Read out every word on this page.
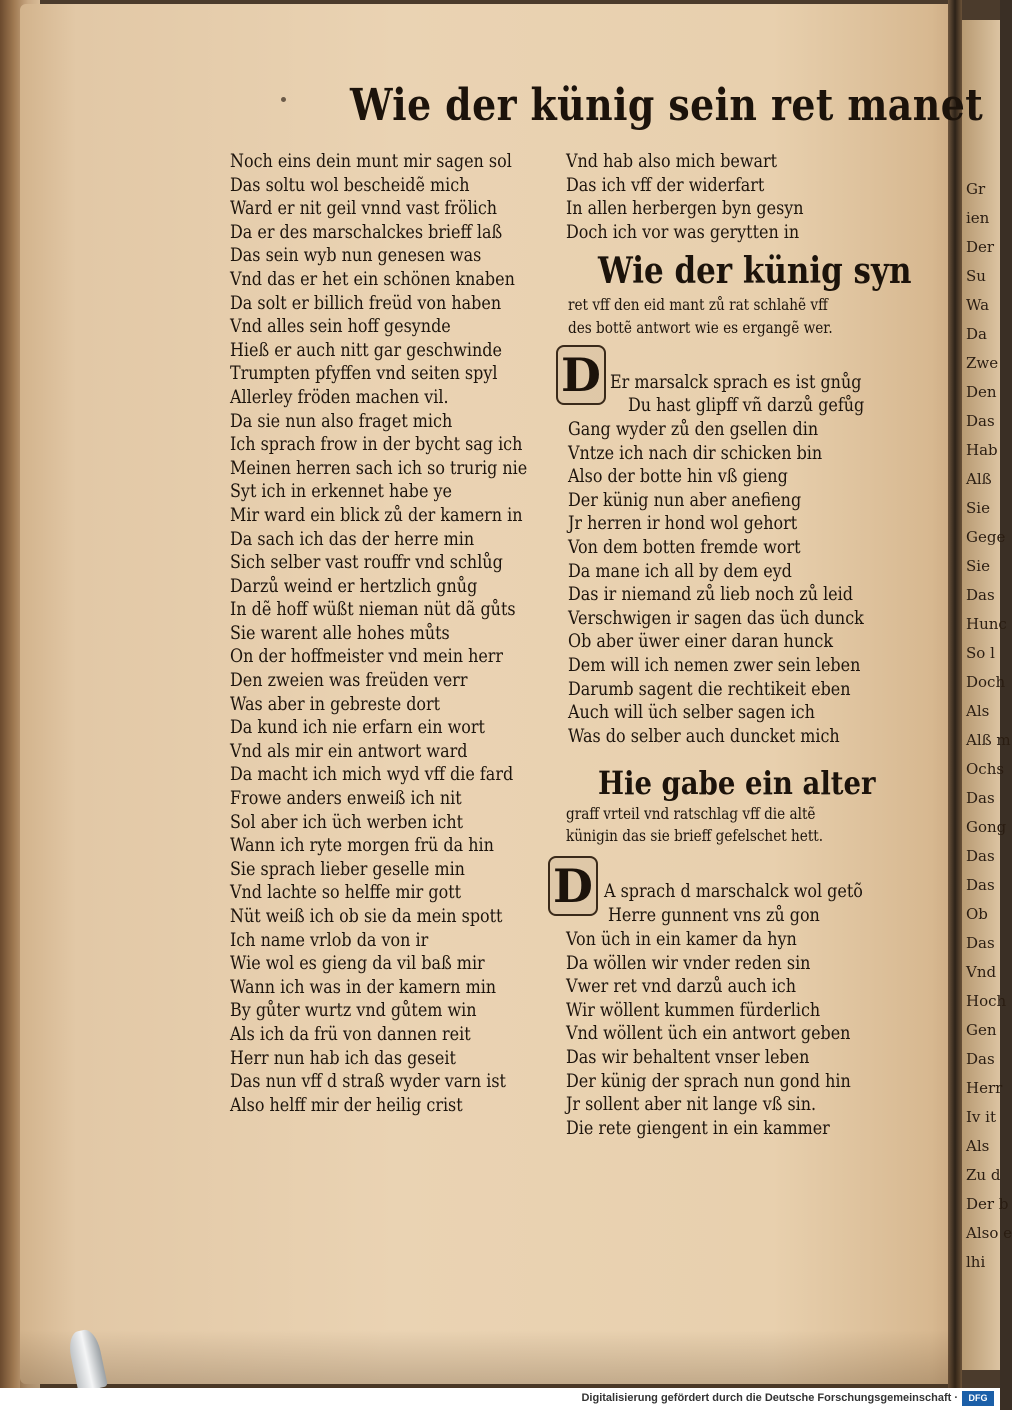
Gr
ien
Der
Su
Wa
Da
Zwe
Den
Das
Hab
Alß
Sie
Gege
Sie
Das
Hunc
So l
Doch
Als
Alß m
Ochs
Das
Gong
Das
Das
Ob
Das
Vnd
Hoch
Gen
Das
Herr
Iv it
Als
Zu d
Der b
Also e
lhi
Wie der künig sein ret manet
Noch eins dein munt mir sagen sol
Das soltu wol bescheidẽ mich
Ward er nit geil vnnd vast frölich
Da er des marschalckes brieff laß
Das sein wyb nun genesen was
Vnd das er het ein schönen knaben
Da solt er billich freüd von haben
Vnd alles sein hoff gesynde
Hieß er auch nitt gar geschwinde
Trumpten pfyffen vnd seiten spyl
Allerley fröden machen vil.
Da sie nun also fraget mich
Ich sprach frow in der bycht sag ich
Meinen herren sach ich so trurig nie
Syt ich in erkennet habe ye
Mir ward ein blick zů der kamern in
Da sach ich das der herre min
Sich selber vast rouffr vnd schlůg
Darzů weind er hertzlich gnůg
In dẽ hoff wüßt nieman nüt dã gůts
Sie warent alle hohes můts
On der hoffmeister vnd mein herr
Den zweien was freüden verr
Was aber in gebreste dort
Da kund ich nie erfarn ein wort
Vnd als mir ein antwort ward
Da macht ich mich wyd vff die fard
Frowe anders enweiß ich nit
Sol aber ich üch werben icht
Wann ich ryte morgen frü da hin
Sie sprach lieber geselle min
Vnd lachte so helffe mir gott
Nüt weiß ich ob sie da mein spott
Ich name vrlob da von ir
Wie wol es gieng da vil baß mir
Wann ich was in der kamern min
By gůter wurtz vnd gůtem win
Als ich da frü von dannen reit
Herr nun hab ich das geseit
Das nun vff d straß wyder varn ist
Also helff mir der heilig crist
Vnd hab also mich bewart
Das ich vff der widerfart
In allen herbergen byn gesyn
Doch ich vor was gerytten in
Wie der künig syn
ret vff den eid mant zů rat schlahẽ vff
des bottẽ antwort wie es ergangẽ wer.
D Er marsalck sprach es ist gnůg
Du hast glipff vñ darzů gefůg
Gang wyder zů den gsellen din
Vntze ich nach dir schicken bin
Also der botte hin vß gieng
Der künig nun aber anefieng
Jr herren ir hond wol gehort
Von dem botten fremde wort
Da mane ich all by dem eyd
Das ir niemand zů lieb noch zů leid
Verschwigen ir sagen das üch dunck
Ob aber üwer einer daran hunck
Dem will ich nemen zwer sein leben
Darumb sagent die rechtikeit eben
Auch will üch selber sagen ich
Was do selber auch duncket mich
Hie gabe ein alter
graff vrteil vnd ratschlag vff die altẽ
künigin das sie brieff gefelschet hett.
D A sprach d marschalck wol getõ
Herre gunnent vns zů gon
Von üch in ein kamer da hyn
Da wöllen wir vnder reden sin
Vwer ret vnd darzů auch ich
Wir wöllent kummen fürderlich
Vnd wöllent üch ein antwort geben
Das wir behaltent vnser leben
Der künig der sprach nun gond hin
Jr sollent aber nit lange vß sin.
Die rete giengent in ein kammer
Digitalisierung gefördert durch die Deutsche Forschungsgemeinschaft ·	DFG
